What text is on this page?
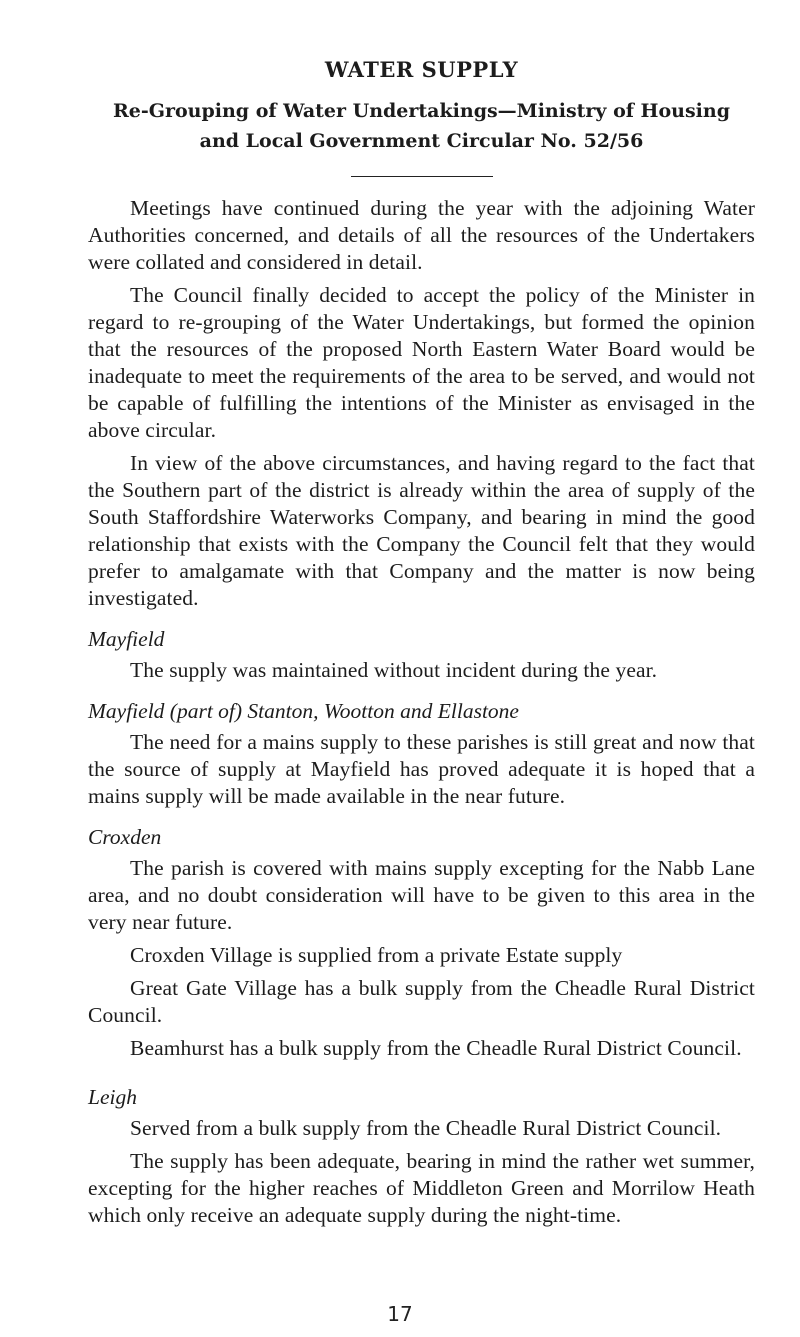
WATER SUPPLY
Re-Grouping of Water Undertakings—Ministry of Housing
and Local Government Circular No. 52/56

Meetings have continued during the year with the adjoining Water Authorities concerned, and details of all the resources of the Undertakers were collated and considered in detail.

The Council finally decided to accept the policy of the Minister in regard to re-grouping of the Water Undertakings, but formed the opinion that the resources of the proposed North Eastern Water Board would be inadequate to meet the requirements of the area to be served, and would not be capable of fulfilling the intentions of the Minister as envisaged in the above circular.

In view of the above circumstances, and having regard to the fact that the Southern part of the district is already within the area of supply of the South Staffordshire Waterworks Company, and bearing in mind the good relationship that exists with the Company the Council felt that they would prefer to amalgamate with that Company and the matter is now being investigated.

Mayfield

The supply was maintained without incident during the year.

Mayfield (part of) Stanton, Wootton and Ellastone

The need for a mains supply to these parishes is still great and now that the source of supply at Mayfield has proved adequate it is hoped that a mains supply will be made available in the near future.

Croxden

The parish is covered with mains supply excepting for the Nabb Lane area, and no doubt consideration will have to be given to this area in the very near future.

Croxden Village is supplied from a private Estate supply

Great Gate Village has a bulk supply from the Cheadle Rural District Council.

Beamhurst has a bulk supply from the Cheadle Rural District Council.

Leigh

Served from a bulk supply from the Cheadle Rural District Council.

The supply has been adequate, bearing in mind the rather wet summer, excepting for the higher reaches of Middleton Green and Morrilow Heath which only receive an adequate supply during the night-time.

17
